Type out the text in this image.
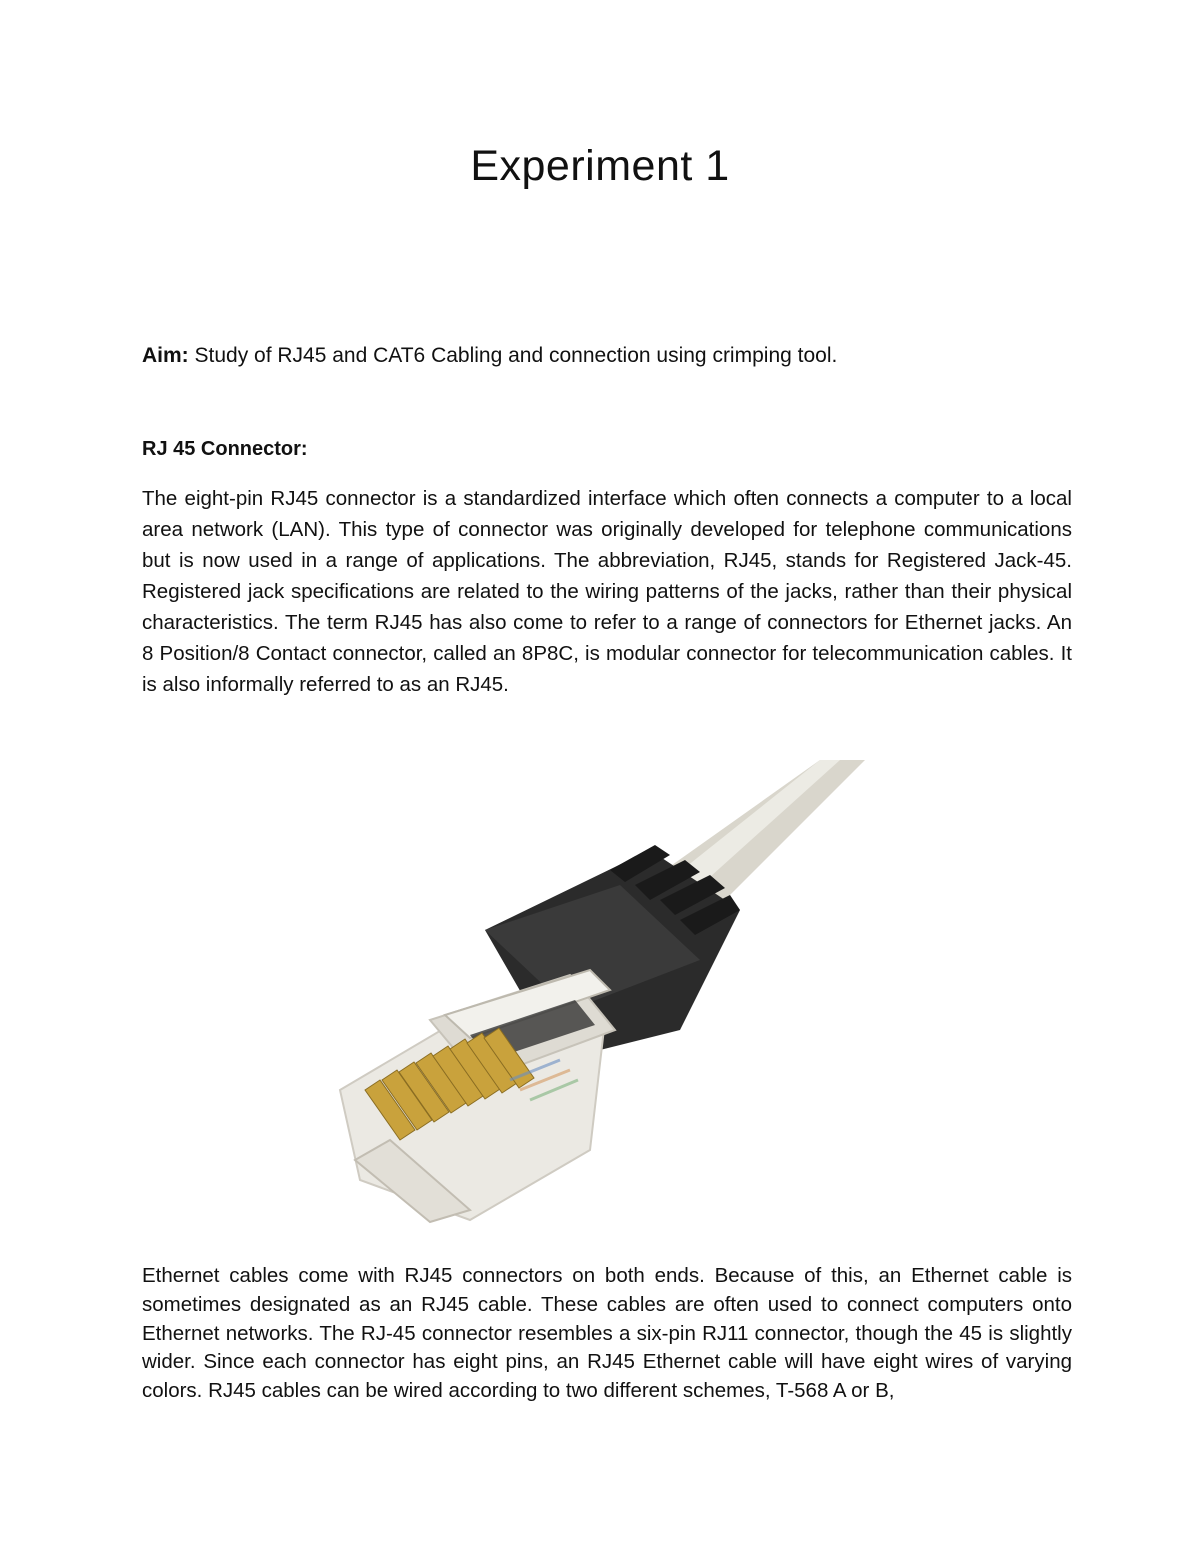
Experiment 1

Aim: Study of RJ45 and CAT6 Cabling and connection using crimping tool.

RJ 45 Connector:

The eight-pin RJ45 connector is a standardized interface which often connects a computer to a local area network (LAN). This type of connector was originally developed for telephone communications but is now used in a range of applications. The abbreviation, RJ45, stands for Registered Jack-45. Registered jack specifications are related to the wiring patterns of the jacks, rather than their physical characteristics. The term RJ45 has also come to refer to a range of connectors for Ethernet jacks. An 8 Position/8 Contact connector, called an 8P8C, is modular connector for telecommunication cables. It is also informally referred to as an RJ45.

Ethernet cables come with RJ45 connectors on both ends. Because of this, an Ethernet cable is sometimes designated as an RJ45 cable. These cables are often used to connect computers onto Ethernet networks. The RJ-45 connector resembles a six-pin RJ11 connector, though the 45 is slightly wider. Since each connector has eight pins, an RJ45 Ethernet cable will have eight wires of varying colors. RJ45 cables can be wired according to two different schemes, T-568 A or B,
